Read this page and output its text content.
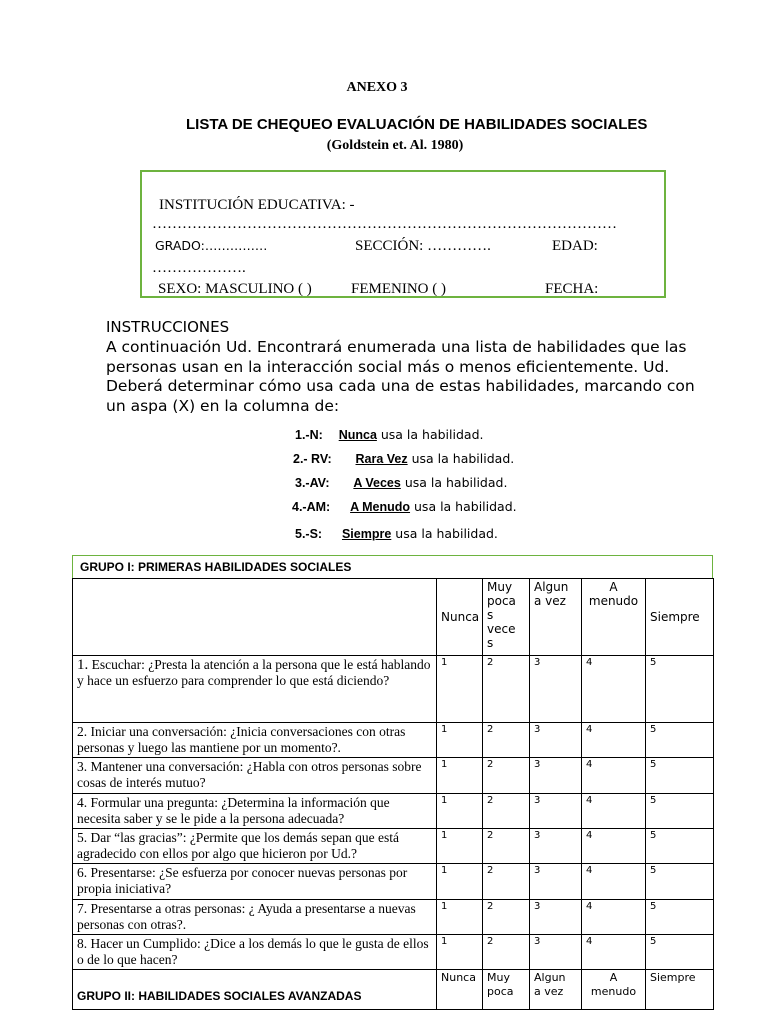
ANEXO 3
LISTA DE CHEQUEO EVALUACIÓN DE HABILIDADES SOCIALES
(Goldstein et. Al. 1980)
INSTITUCIÓN EDUCATIVA: -
…………………………………………………………………………………
GRADO:……………	SECCIÓN: ………….	EDAD:
……………….
SEXO: MASCULINO ( )	FEMENINO ( )	FECHA:
INSTRUCCIONES
A continuación Ud. Encontrará enumerada una lista de habilidades que las personas usan en la interacción social más o menos eficientemente. Ud. Deberá determinar cómo usa cada una de estas habilidades, marcando con un aspa (X) en la columna de:
1.-N: Nunca usa la habilidad.
2.- RV: Rara Vez usa la habilidad.
3.-AV: A Veces usa la habilidad.
4.-AM: A Menudo usa la habilidad.
5.-S: Siempre usa la habilidad.
GRUPO I: PRIMERAS HABILIDADES SOCIALES
	Nunca	Muy
poca
s
vece
s	Algun
a vez	A
menudo	Siempre
1. Escuchar: ¿Presta la atención a la persona que le está hablando y hace un esfuerzo para comprender lo que está diciendo?	1	2	3	4	5
2. Iniciar una conversación: ¿Inicia conversaciones con otras personas y luego las mantiene por un momento?.	1	2	3	4	5
3. Mantener una conversación: ¿Habla con otros personas sobre cosas de interés mutuo?	1	2	3	4	5
4. Formular una pregunta: ¿Determina la información que necesita saber y se le pide a la persona adecuada?	1	2	3	4	5
5. Dar “las gracias”: ¿Permite que los demás sepan que está agradecido con ellos por algo que hicieron por Ud.?	1	2	3	4	5
6. Presentarse: ¿Se esfuerza por conocer nuevas personas por propia iniciativa?	1	2	3	4	5
7. Presentarse a otras personas: ¿ Ayuda a presentarse a nuevas personas con otras?.	1	2	3	4	5
8. Hacer un Cumplido: ¿Dice a los demás lo que le gusta de ellos o de lo que hacen?	1	2	3	4	5
GRUPO II: HABILIDADES SOCIALES AVANZADAS	Nunca	Muy
poca	Algun
a vez	A
menudo	Siempre
